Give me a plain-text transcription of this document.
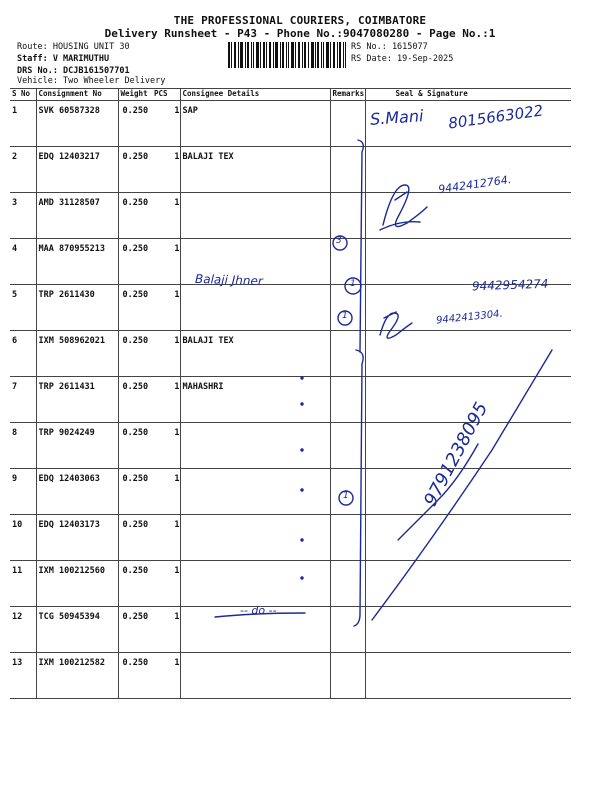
THE PROFESSIONAL COURIERS, COIMBATORE
Delivery Runsheet - P43 - Phone No.:9047080280 - Page No.:1
Route: HOUSING UNIT 30
Staff: V MARIMUTHU
DRS No.: DCJB161507701
Vehicle: Two Wheeler Delivery
RS No.: 1615077
RS Date: 19-Sep-2025
S No	Consignment No	Weight	PCS	Consignee Details	Remarks	Seal & Signature
1	SVK 60587328	0.250	1	SAP		
2	EDQ 12403217	0.250	1	BALAJI TEX		
3	AMD 31128507	0.250	1			
4	MAA 870955213	0.250	1			
5	TRP 2611430	0.250	1			
6	IXM 508962021	0.250	1	BALAJI TEX		
7	TRP 2611431	0.250	1	MAHASHRI		
8	TRP 9024249	0.250	1			
9	EDQ 12403063	0.250	1			
10	EDQ 12403173	0.250	1			
11	IXM 100212560	0.250	1			
12	TCG 50945394	0.250	1			
13	IXM 100212582	0.250	1			
S.Mani 8015663022
9442412764.
3
Balaji Jhner	1	9442954274
1	9442413304.
1	9791238095
-- do --
